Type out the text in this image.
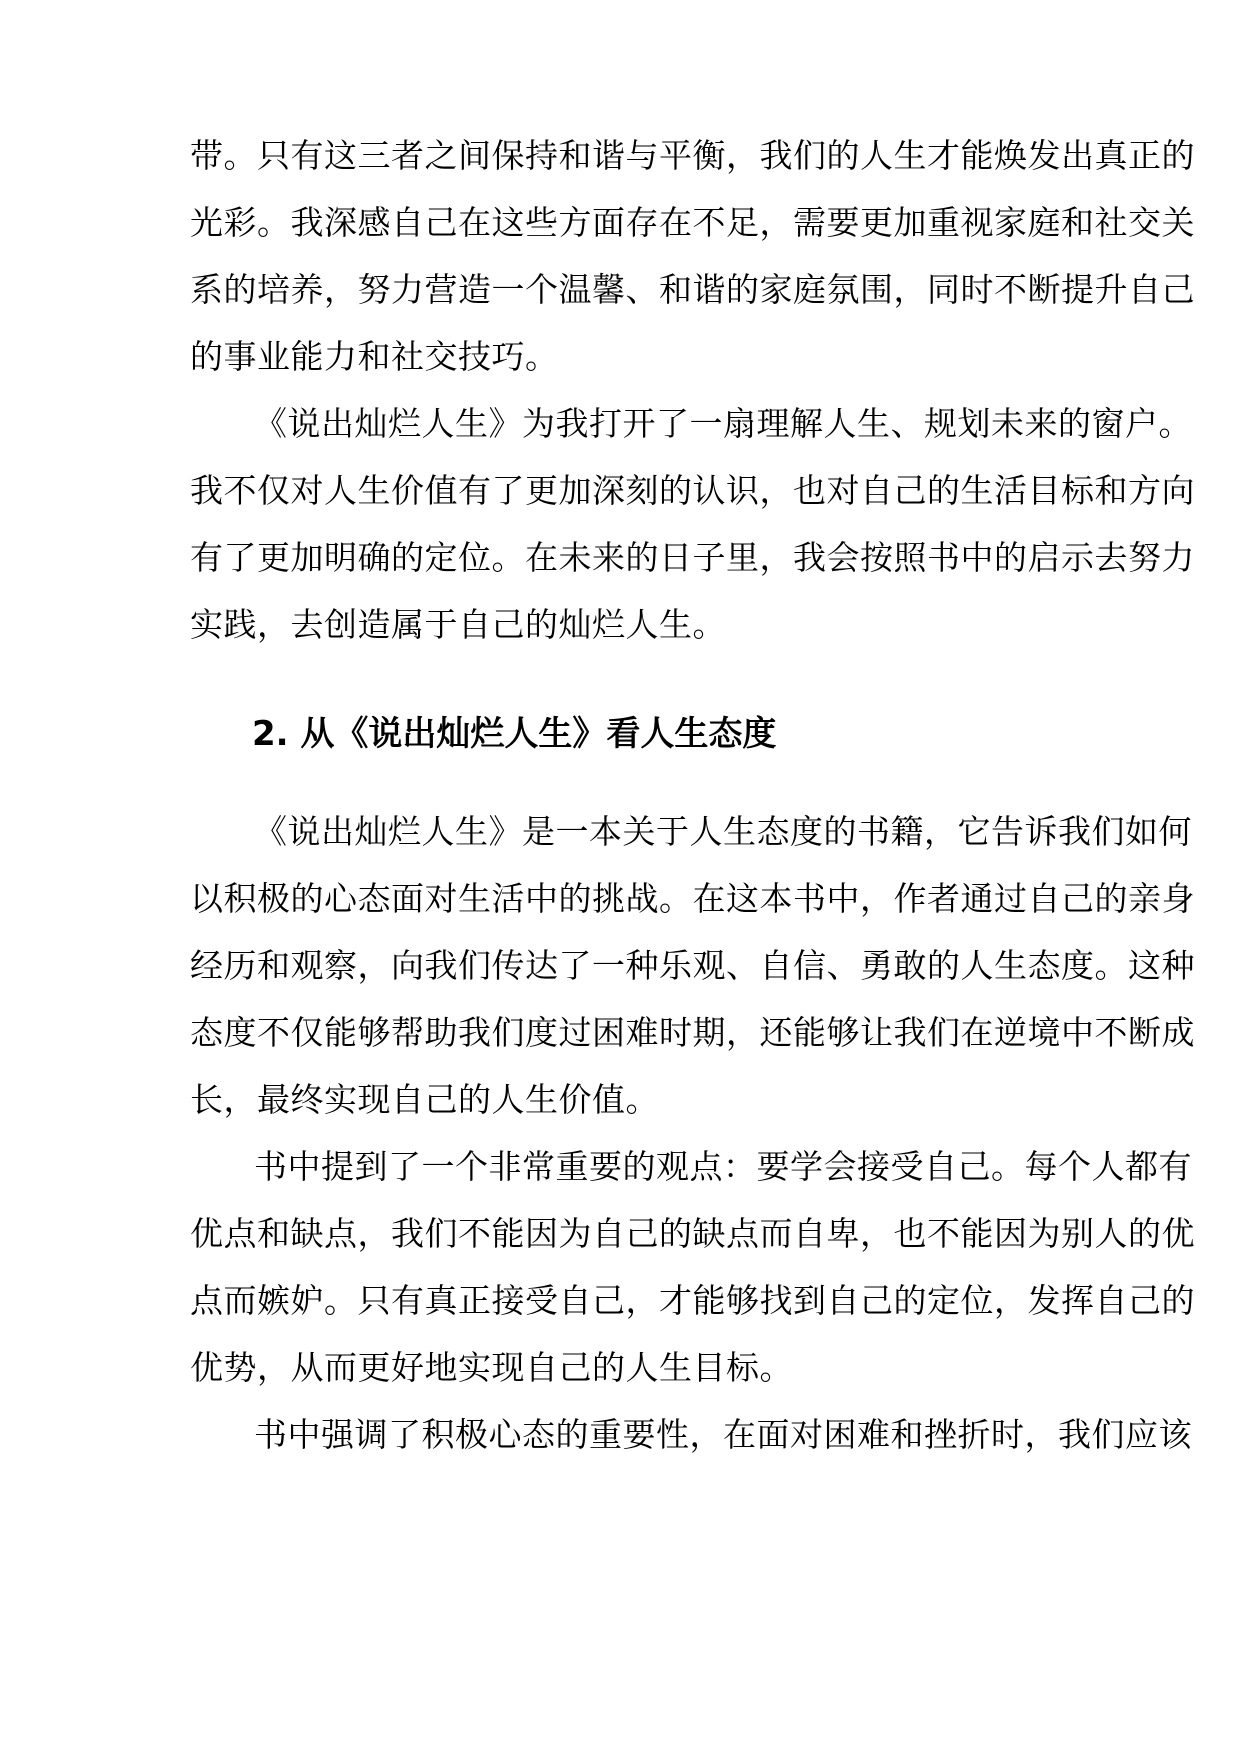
带。只有这三者之间保持和谐与平衡，我们的人生才能焕发出真正的
光彩。我深感自己在这些方面存在不足，需要更加重视家庭和社交关
系的培养，努力营造一个温馨、和谐的家庭氛围，同时不断提升自己
的事业能力和社交技巧。
《说出灿烂人生》为我打开了一扇理解人生、规划未来的窗户。
我不仅对人生价值有了更加深刻的认识，也对自己的生活目标和方向
有了更加明确的定位。在未来的日子里，我会按照书中的启示去努力
实践，去创造属于自己的灿烂人生。
2. 从《说出灿烂人生》看人生态度
《说出灿烂人生》是一本关于人生态度的书籍，它告诉我们如何
以积极的心态面对生活中的挑战。在这本书中，作者通过自己的亲身
经历和观察，向我们传达了一种乐观、自信、勇敢的人生态度。这种
态度不仅能够帮助我们度过困难时期，还能够让我们在逆境中不断成
长，最终实现自己的人生价值。
书中提到了一个非常重要的观点：要学会接受自己。每个人都有
优点和缺点，我们不能因为自己的缺点而自卑，也不能因为别人的优
点而嫉妒。只有真正接受自己，才能够找到自己的定位，发挥自己的
优势，从而更好地实现自己的人生目标。
书中强调了积极心态的重要性，在面对困难和挫折时，我们应该
